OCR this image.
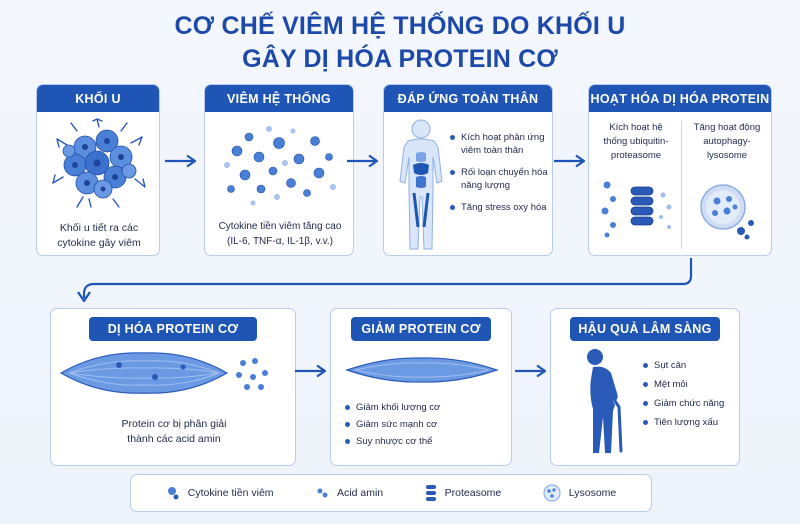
CƠ CHẾ VIÊM HỆ THỐNG DO KHỐI U
GÂY DỊ HÓA PROTEIN CƠ
KHỐI U
Khối u tiết ra các
cytokine gây viêm
VIÊM HỆ THỐNG
Cytokine tiền viêm tăng cao
(IL-6, TNF-α, IL-1β, v.v.)
ĐÁP ỨNG TOÀN THÂN
Kích hoạt phản ứng viêm toàn thân
Rối loạn chuyển hóa năng lượng
Tăng stress oxy hóa
HOẠT HÓA DỊ HÓA PROTEIN
Kích hoạt hệ
thống ubiquitin-
proteasome
Tăng hoạt động
autophagy-
lysosome
DỊ HÓA PROTEIN CƠ
Protein cơ bị phân giải
thành các acid amin
GIẢM PROTEIN CƠ
Giảm khối lượng cơ
Giảm sức mạnh cơ
Suy nhược cơ thể
HẬU QUẢ LÂM SÀNG
Sụt cân
Mệt mỏi
Giảm chức năng
Tiên lượng xấu
Cytokine tiền viêm	Acid amin	Proteasome	Lysosome
